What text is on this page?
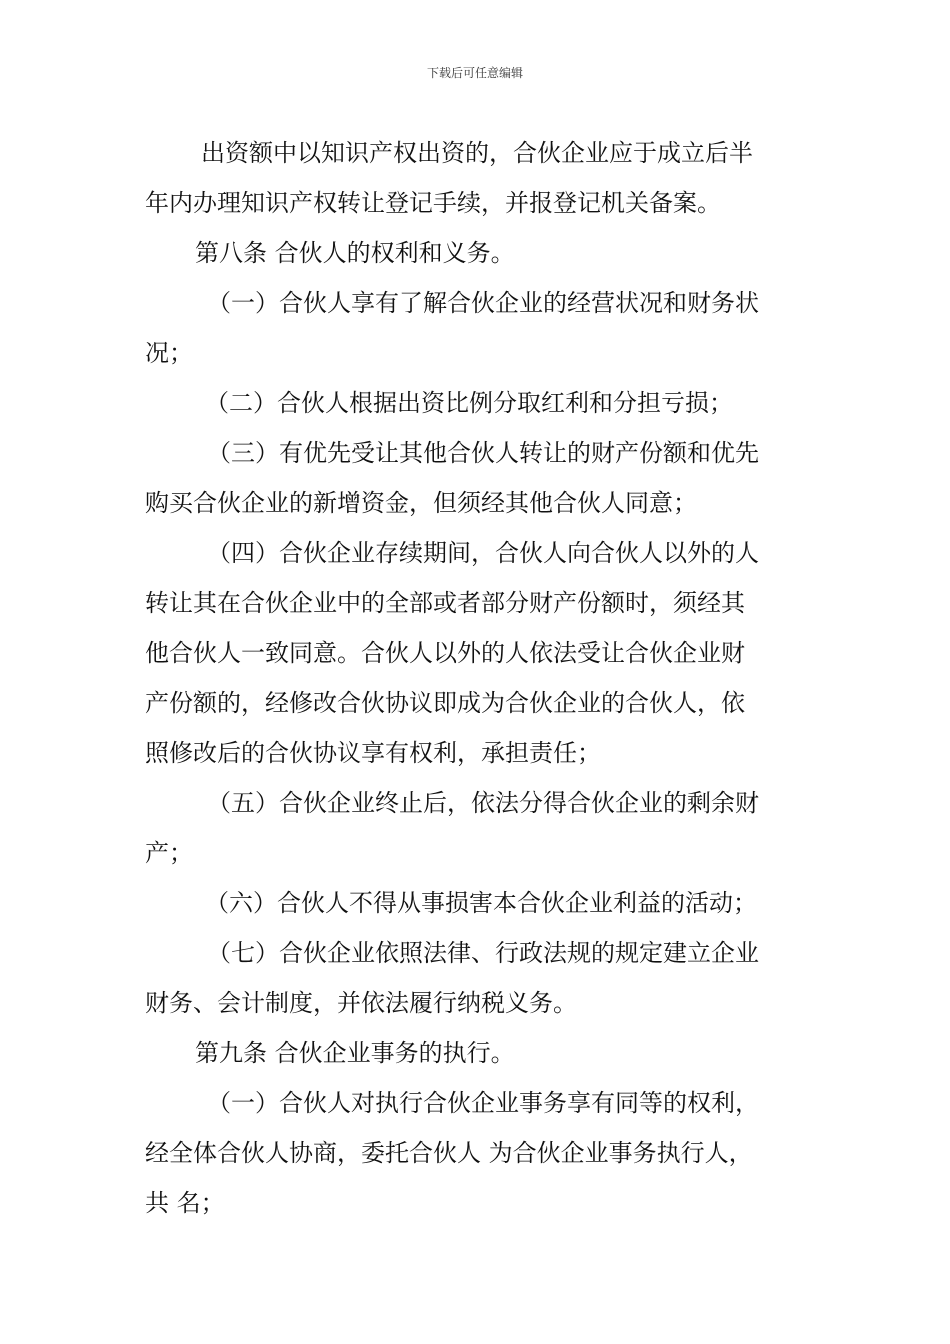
下载后可任意编辑
出资额中以知识产权出资的，合伙企业应于成立后半
年内办理知识产权转让登记手续，并报登记机关备案。
第八条 合伙人的权利和义务。
（一）合伙人享有了解合伙企业的经营状况和财务状
况；
（二）合伙人根据出资比例分取红利和分担亏损；
（三）有优先受让其他合伙人转让的财产份额和优先
购买合伙企业的新增资金，但须经其他合伙人同意；
（四）合伙企业存续期间，合伙人向合伙人以外的人
转让其在合伙企业中的全部或者部分财产份额时，须经其
他合伙人一致同意。合伙人以外的人依法受让合伙企业财
产份额的，经修改合伙协议即成为合伙企业的合伙人，依
照修改后的合伙协议享有权利，承担责任；
（五）合伙企业终止后，依法分得合伙企业的剩余财
产；
（六）合伙人不得从事损害本合伙企业利益的活动；
（七）合伙企业依照法律、行政法规的规定建立企业
财务、会计制度，并依法履行纳税义务。
第九条 合伙企业事务的执行。
（一）合伙人对执行合伙企业事务享有同等的权利，
经全体合伙人协商，委托合伙人 为合伙企业事务执行人，
共 名；
